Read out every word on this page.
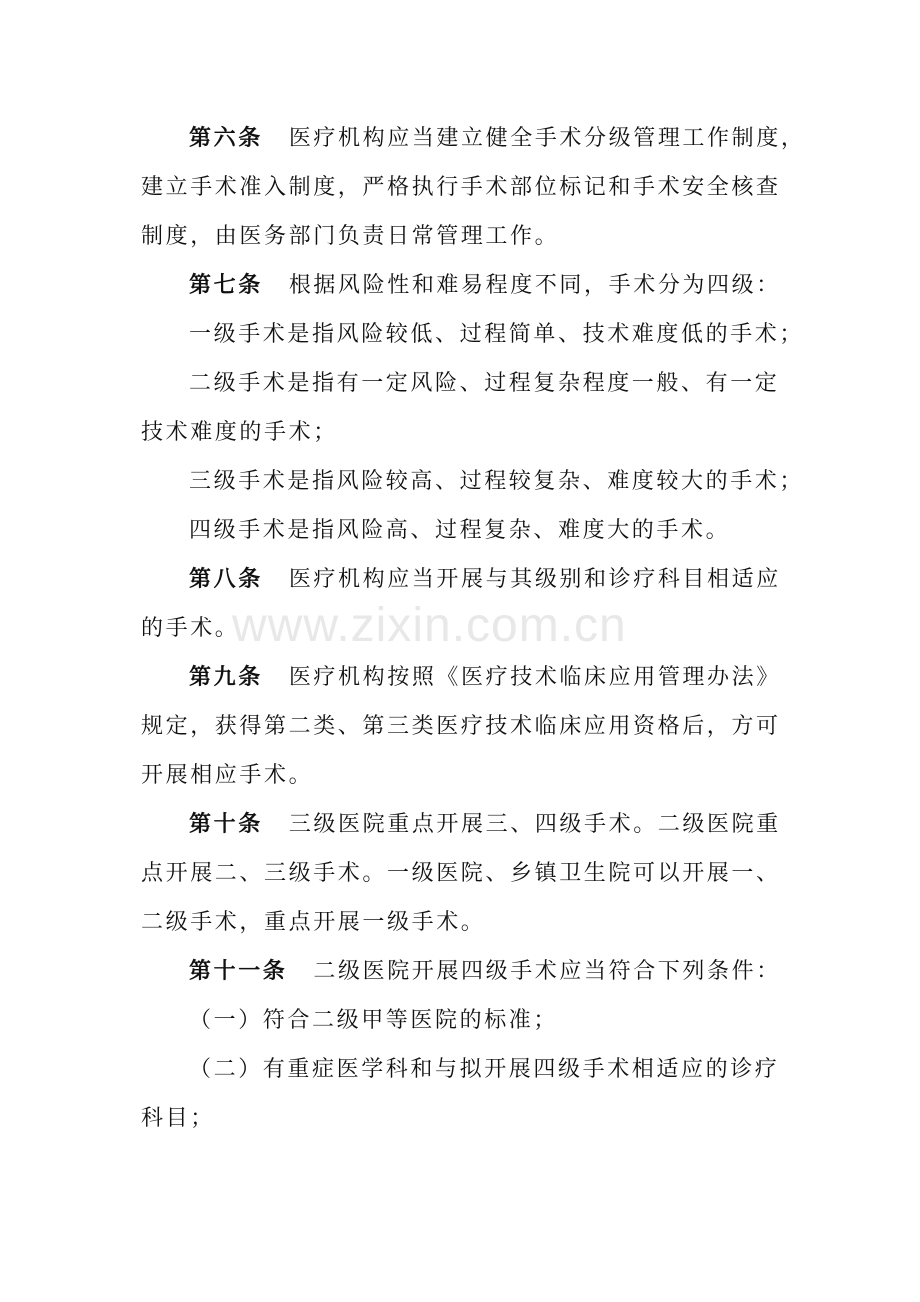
www.zixin.com.cn
第六条 医疗机构应当建立健全手术分级管理工作制度，
建立手术准入制度，严格执行手术部位标记和手术安全核查
制度，由医务部门负责日常管理工作。
第七条 根据风险性和难易程度不同，手术分为四级：
一级手术是指风险较低、过程简单、技术难度低的手术；
二级手术是指有一定风险、过程复杂程度一般、有一定
技术难度的手术；
三级手术是指风险较高、过程较复杂、难度较大的手术；
四级手术是指风险高、过程复杂、难度大的手术。
第八条 医疗机构应当开展与其级别和诊疗科目相适应
的手术。
第九条 医疗机构按照《医疗技术临床应用管理办法》
规定，获得第二类、第三类医疗技术临床应用资格后，方可
开展相应手术。
第十条 三级医院重点开展三、四级手术。二级医院重
点开展二、三级手术。一级医院、乡镇卫生院可以开展一、
二级手术，重点开展一级手术。
第十一条 二级医院开展四级手术应当符合下列条件：
（一）符合二级甲等医院的标准；
（二）有重症医学科和与拟开展四级手术相适应的诊疗
科目；
